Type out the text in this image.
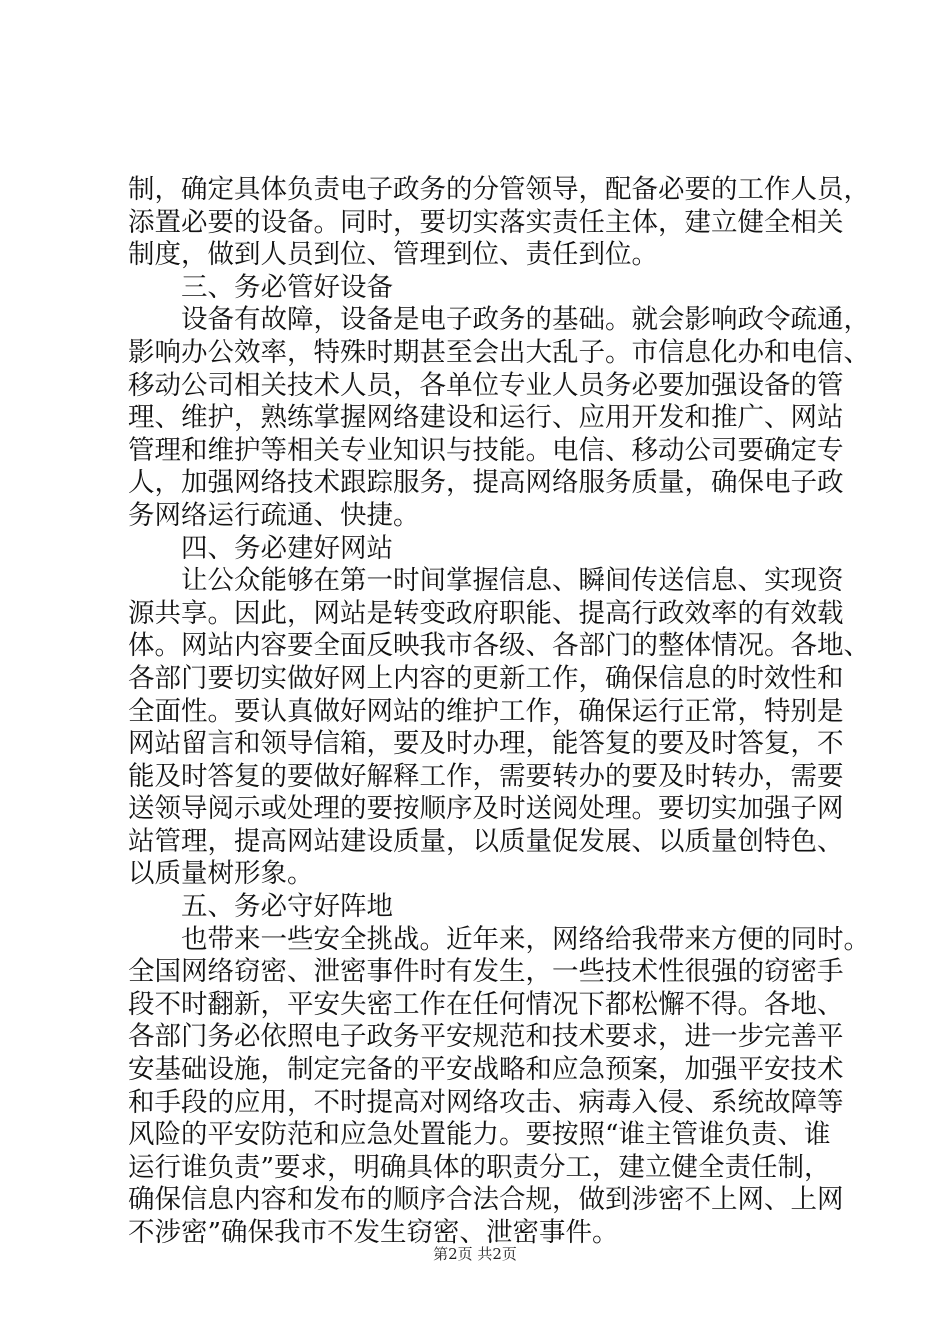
制，确定具体负责电子政务的分管领导，配备必要的工作人员，
添置必要的设备。同时，要切实落实责任主体，建立健全相关
制度，做到人员到位、管理到位、责任到位。
三、务必管好设备
设备有故障，设备是电子政务的基础。就会影响政令疏通，
影响办公效率，特殊时期甚至会出大乱子。市信息化办和电信、
移动公司相关技术人员，各单位专业人员务必要加强设备的管
理、维护，熟练掌握网络建设和运行、应用开发和推广、网站
管理和维护等相关专业知识与技能。电信、移动公司要确定专
人，加强网络技术跟踪服务，提高网络服务质量，确保电子政
务网络运行疏通、快捷。
四、务必建好网站
让公众能够在第一时间掌握信息、瞬间传送信息、实现资
源共享。因此，网站是转变政府职能、提高行政效率的有效载
体。网站内容要全面反映我市各级、各部门的整体情况。各地、
各部门要切实做好网上内容的更新工作，确保信息的时效性和
全面性。要认真做好网站的维护工作，确保运行正常，特别是
网站留言和领导信箱，要及时办理，能答复的要及时答复，不
能及时答复的要做好解释工作，需要转办的要及时转办，需要
送领导阅示或处理的要按顺序及时送阅处理。要切实加强子网
站管理，提高网站建设质量，以质量促发展、以质量创特色、
以质量树形象。
五、务必守好阵地
也带来一些安全挑战。近年来，网络给我带来方便的同时。
全国网络窃密、泄密事件时有发生，一些技术性很强的窃密手
段不时翻新，平安失密工作在任何情况下都松懈不得。各地、
各部门务必依照电子政务平安规范和技术要求，进一步完善平
安基础设施，制定完备的平安战略和应急预案，加强平安技术
和手段的应用，不时提高对网络攻击、病毒入侵、系统故障等
风险的平安防范和应急处置能力。要按照“谁主管谁负责、谁
运行谁负责”要求，明确具体的职责分工，建立健全责任制，
确保信息内容和发布的顺序合法合规，做到涉密不上网、上网
不涉密”确保我市不发生窃密、泄密事件。
第2页 共2页
